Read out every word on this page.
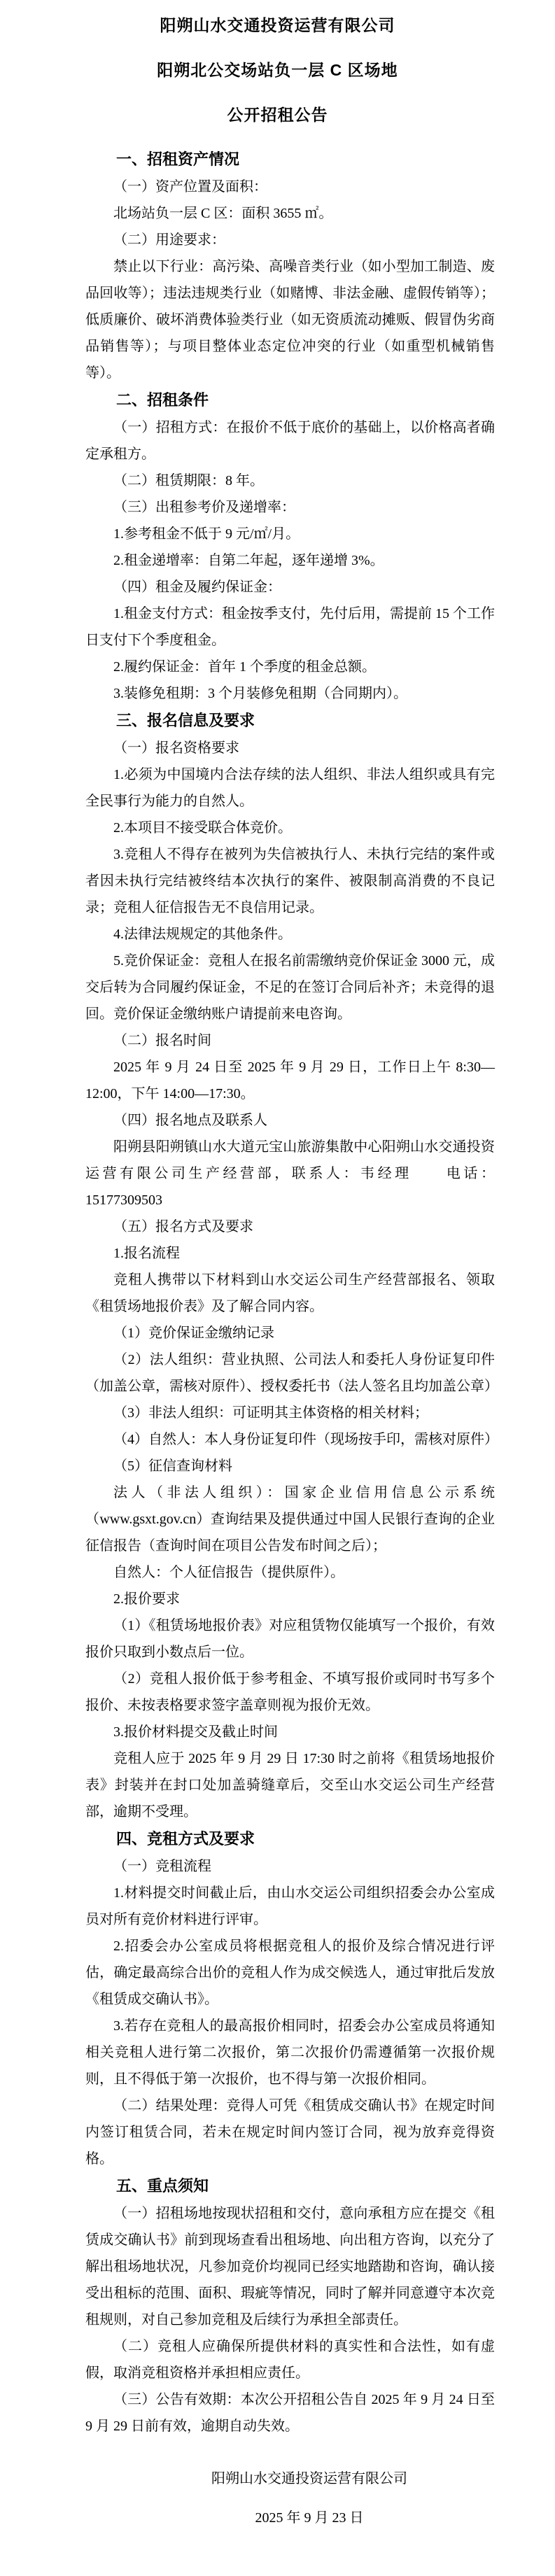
阳朔山水交通投资运营有限公司
阳朔北公交场站负一层 C 区场地
公开招租公告
一、招租资产情况

（一）资产位置及面积：

北场站负一层 C 区：面积 3655 ㎡。

（二）用途要求：

禁止以下行业：高污染、高噪音类行业（如小型加工制造、废品回收等）；违法违规类行业（如赌博、非法金融、虚假传销等）；低质廉价、破坏消费体验类行业（如无资质流动摊贩、假冒伪劣商品销售等）；与项目整体业态定位冲突的行业（如重型机械销售等）。

二、招租条件

（一）招租方式：在报价不低于底价的基础上，以价格高者确定承租方。

（二）租赁期限：8 年。

（三）出租参考价及递增率：

1.参考租金不低于 9 元/㎡/月。

2.租金递增率：自第二年起，逐年递增 3%。

（四）租金及履约保证金：

1.租金支付方式：租金按季支付，先付后用，需提前 15 个工作日支付下个季度租金。

2.履约保证金：首年 1 个季度的租金总额。

3.装修免租期：3 个月装修免租期（合同期内）。

三、报名信息及要求

（一）报名资格要求

1.必须为中国境内合法存续的法人组织、非法人组织或具有完全民事行为能力的自然人。

2.本项目不接受联合体竞价。

3.竞租人不得存在被列为失信被执行人、未执行完结的案件或者因未执行完结被终结本次执行的案件、被限制高消费的不良记录；竞租人征信报告无不良信用记录。

4.法律法规规定的其他条件。

5.竞价保证金：竞租人在报名前需缴纳竞价保证金 3000 元，成交后转为合同履约保证金，不足的在签订合同后补齐；未竞得的退回。竞价保证金缴纳账户请提前来电咨询。

（二）报名时间

2025 年 9 月 24 日至 2025 年 9 月 29 日，工作日上午 8:30—12:00，下午 14:00—17:30。

（四）报名地点及联系人

阳朔县阳朔镇山水大道元宝山旅游集散中心阳朔山水交通投资运营有限公司生产经营部，联系人：韦经理　　电话：15177309503

（五）报名方式及要求

1.报名流程

竞租人携带以下材料到山水交运公司生产经营部报名、领取《租赁场地报价表》及了解合同内容。

（1）竞价保证金缴纳记录

（2）法人组织：营业执照、公司法人和委托人身份证复印件（加盖公章，需核对原件）、授权委托书（法人签名且均加盖公章）

（3）非法人组织：可证明其主体资格的相关材料；

（4）自然人：本人身份证复印件（现场按手印，需核对原件）

（5）征信查询材料

法人（非法人组织）：国家企业信用信息公示系统（www.gsxt.gov.cn）查询结果及提供通过中国人民银行查询的企业征信报告（查询时间在项目公告发布时间之后）；

自然人：个人征信报告（提供原件）。

2.报价要求

（1）《租赁场地报价表》对应租赁物仅能填写一个报价，有效报价只取到小数点后一位。

（2）竞租人报价低于参考租金、不填写报价或同时书写多个报价、未按表格要求签字盖章则视为报价无效。

3.报价材料提交及截止时间

竞租人应于 2025 年 9 月 29 日 17:30 时之前将《租赁场地报价表》封装并在封口处加盖骑缝章后，交至山水交运公司生产经营部，逾期不受理。

四、竞租方式及要求

（一）竞租流程

1.材料提交时间截止后，由山水交运公司组织招委会办公室成员对所有竞价材料进行评审。

2.招委会办公室成员将根据竞租人的报价及综合情况进行评估，确定最高综合出价的竞租人作为成交候选人，通过审批后发放《租赁成交确认书》。

3.若存在竞租人的最高报价相同时，招委会办公室成员将通知相关竞租人进行第二次报价，第二次报价仍需遵循第一次报价规则，且不得低于第一次报价，也不得与第一次报价相同。

（二）结果处理：竞得人可凭《租赁成交确认书》在规定时间内签订租赁合同，若未在规定时间内签订合同，视为放弃竞得资格。

五、重点须知

（一）招租场地按现状招租和交付，意向承租方应在提交《租赁成交确认书》前到现场查看出租场地、向出租方咨询，以充分了解出租场地状况，凡参加竞价均视同已经实地踏勘和咨询，确认接受出租标的范围、面积、瑕疵等情况，同时了解并同意遵守本次竞租规则，对自己参加竞租及后续行为承担全部责任。

（二）竞租人应确保所提供材料的真实性和合法性，如有虚假，取消竞租资格并承担相应责任。

（三）公告有效期：本次公开招租公告自 2025 年 9 月 24 日至 9 月 29 日前有效，逾期自动失效。

阳朔山水交通投资运营有限公司
2025 年 9 月 23 日
